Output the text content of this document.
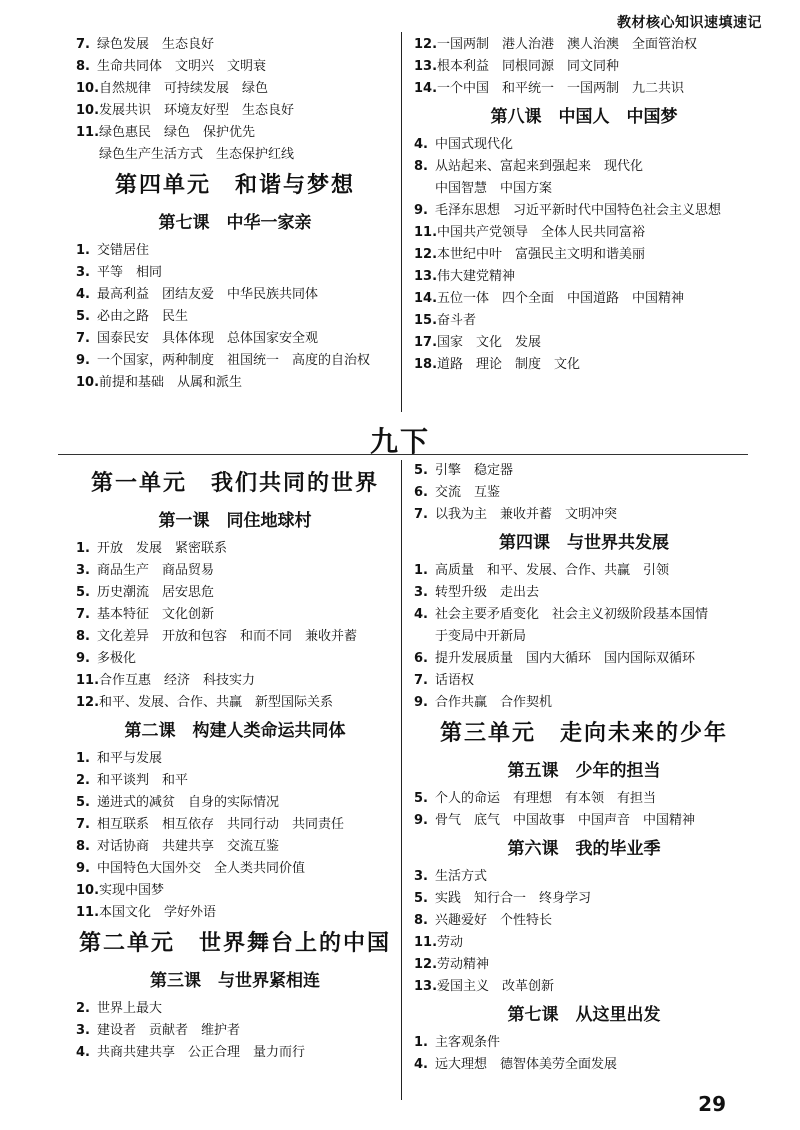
教材核心知识速填速记
7. 绿色发展　生态良好
8. 生命共同体　文明兴　文明衰
10. 自然规律　可持续发展　绿色
10. 发展共识　环境友好型　生态良好
11. 绿色惠民　绿色　保护优先
绿色生产生活方式　生态保护红线
第四单元　和谐与梦想
第七课　中华一家亲
1. 交错居住
3. 平等　相同
4. 最高利益　团结友爱　中华民族共同体
5. 必由之路　民生
7. 国泰民安　具体体现　总体国家安全观
9. 一个国家，两种制度　祖国统一　高度的自治权
10. 前提和基础　从属和派生
12. 一国两制　港人治港　澳人治澳　全面管治权
13. 根本利益　同根同源　同文同种
14. 一个中国　和平统一　一国两制　九二共识
第八课　中国人　中国梦
4. 中国式现代化
8. 从站起来、富起来到强起来　现代化
中国智慧　中国方案
9. 毛泽东思想　习近平新时代中国特色社会主义思想
11. 中国共产党领导　全体人民共同富裕
12. 本世纪中叶　富强民主文明和谐美丽
13. 伟大建党精神
14. 五位一体　四个全面　中国道路　中国精神
15. 奋斗者
17. 国家　文化　发展
18. 道路　理论　制度　文化
九下
第一单元　我们共同的世界
第一课　同住地球村
1. 开放　发展　紧密联系
3. 商品生产　商品贸易
5. 历史潮流　居安思危
7. 基本特征　文化创新
8. 文化差异　开放和包容　和而不同　兼收并蓄
9. 多极化
11. 合作互惠　经济　科技实力
12. 和平、发展、合作、共赢　新型国际关系
第二课　构建人类命运共同体
1. 和平与发展
2. 和平谈判　和平
5. 递进式的减贫　自身的实际情况
7. 相互联系　相互依存　共同行动　共同责任
8. 对话协商　共建共享　交流互鉴
9. 中国特色大国外交　全人类共同价值
10. 实现中国梦
11. 本国文化　学好外语
第二单元　世界舞台上的中国
第三课　与世界紧相连
2. 世界上最大
3. 建设者　贡献者　维护者
4. 共商共建共享　公正合理　量力而行
5. 引擎　稳定器
6. 交流　互鉴
7. 以我为主　兼收并蓄　文明冲突
第四课　与世界共发展
1. 高质量　和平、发展、合作、共赢　引领
3. 转型升级　走出去
4. 社会主要矛盾变化　社会主义初级阶段基本国情
于变局中开新局
6. 提升发展质量　国内大循环　国内国际双循环
7. 话语权
9. 合作共赢　合作契机
第三单元　走向未来的少年
第五课　少年的担当
5. 个人的命运　有理想　有本领　有担当
9. 骨气　底气　中国故事　中国声音　中国精神
第六课　我的毕业季
3. 生活方式
5. 实践　知行合一　终身学习
8. 兴趣爱好　个性特长
11. 劳动
12. 劳动精神
13. 爱国主义　改革创新
第七课　从这里出发
1. 主客观条件
4. 远大理想　德智体美劳全面发展
29
